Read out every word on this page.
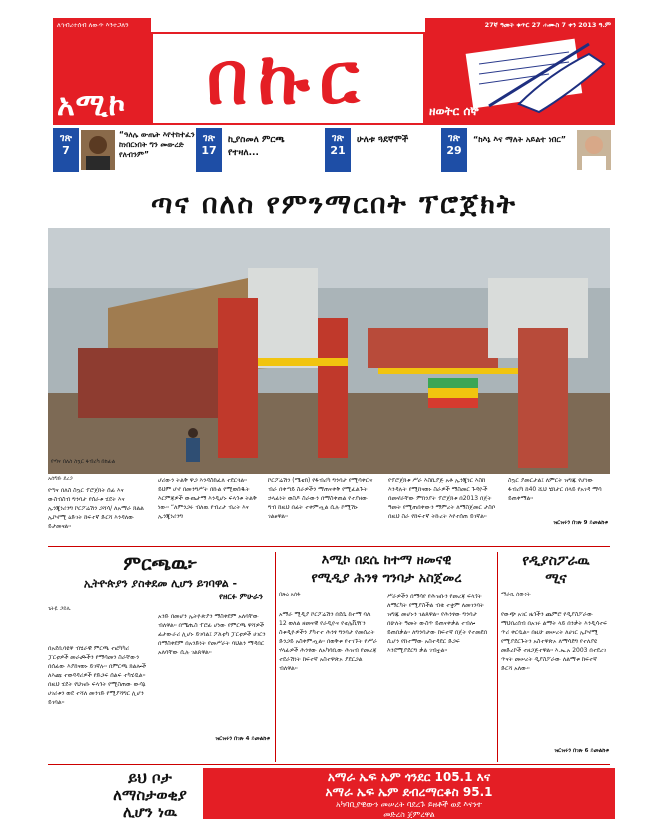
ለኅብረተሰብ ለውጥ እንተጋለን
አሚኮ	በኩር
27ኛ ዓመት ቁጥር 27 ሐሙስ 7 ቀን 2013 ዓ.ም
ዘወትር ሰኞ
ገጽ
7
“ዓለሌ ውጤት እየተከተፈን ከነበርነበት ግን መውረድ የለብንም”
ገጽ
17
ኪያስመለ ምርጫ የተዛለ...
ገጽ
21
ሁለቱ ጓደኛሞች	ገጽ
29
“ከእኔ እና ማለት አይልተ ነበር”
ጣና በለስ የምንማርበት ፕሮጀክት
የጣና በለስ ስኳር ፋብሪካ በከፊል
አሰግድ ደረጋ
የጣና በለስ ስኳር ፕሮጀክት ሰፊ እና ውስብስብ ግንባታ የሰራቱ ሂደት እና ኢንጂነሪንግ ኮርፖሬሽን ጋሻሳ/ ለአማራ ክልል ኢኮኖሚ ዕድገት ከፍተኛ ድርሻ እንዳለው ይታመናል።
ሆሪውን ትልቅ ዋጋ እንዳስከፈለ ተደርጓል። ይህም ሆኖ በመንግሥት በኩል የሚወሰዱት እርምጃዎች ውጤታማ እንዲሆኑ ፍላጎቱ ትልቅ ነው። “ለምንጋሩ ብለዉ የብረታ ብረት እና ኢንጂነሪንግ
ኮርፖሬሽን (ሜቴክ) የፋብሪካ ግንባታ የሚሳቀርና ብራ በቀጣይ ስራዎችን ማጠናቀቅ የሚፈልጉት ኃላፊነት ወስዶ ስራውን በማስቀጠል የተያዘው ግብ ከዚህ በፊት ተቀምጧል ሲሉ ኮሚሽኑ ገልፀዋል።
የፕሮጀክቱ ሥራ እስኪያጅ አቶ ኢንጂነር እስከ እንዳሉት የሚከናወኑ ስራዎች ማስመር ጉዳዮች በመኖራቸው ምክንያት ፕሮጀክቱ በ2013 በጀት ዓመት የሚጠበቀውን ማምረት ለማስጀመር ታስቦ በዚህ ስራ የከፍተኛ ትኩረት እየተሰጠ ይገኛል።
ስኳር ያመርታል፤ ለምርት ዝግጁ የሆነው ፋብሪካ ከ40 ሺህ ሄክታር በላይ የአገዳ ማሳ ይጠቀማል።
ዝርዝሩን በገጽ 9 ይመልከቱ
ምርጫዉ፦
ኢትዮጵያን ያስቀደመ ሊሆን ይገባዋል -
የዘርፉ ምሁራን
ጌትዬ ጋይሊ
በአደቢባዩዋ ብሄራዊ ምርጫ ተፎካካሪ ፓርቲዎች መራጮችን የማሳመን ስራቸውን በሰፊው እያከናወኑ ይገኛሉ። በምርጫ ክልሎች ለእጩ ተወዳዳሪዎች የድጋፍ ሰልፍ ተካሂዷል። በዚህ ሂደት የህዝቡ ፍላጎት የሚስጠው ውሳኔ ሀገሪቱን ወደ ተሻለ መንገድ የሚያሻግር ሊሆን ይገባል።
አንድ በመሆን ኢትዮጵያን ማስቀደም አለባቸው ብለዋል። በሜጢስ ፕሮፊ ሆነው የምርጫ ዋሻዎች ፊታውራሪ ሊሆኑ ይገባል፤ ፖለቲካ ፓርቲዎች ሀገርን በማስቀደም በአንድነት የመሥራት ባህልን ማዳበር አለባቸው ሲሉ ገልጸዋል።
ዝርዝሩን በገጽ 4 ይመልከቱ
እሚኮ በደሴ ከተማ ዘመናዊ
የሚዲያ ሕንፃ ግንባታ አስጀመረ
በጽዕ አሰፋ
አማራ ሚዲያ ኮርፖሬሽን በደሴ ከተማ ባለ 12 ወለል ዘመናዊ የራዲዮና የቴሌቪዥን ስቱዲዮዎችን ያካተተ ሕንፃ ግንባታ የመሰረት ድንጋይ አስቀምጧል። በወቅቱ የተገኙት የሥራ ሃላፊዎች ሕንፃው ለአካባቢው ሕዝብ የመረጃ ተደራሽነት ከፍተኛ አስተዋጽኦ ያደርጋል ብለዋል።
ሥራዎችን በማሳየ የሕዝቡን የመረጃ ፍላጎት ለማርካት የሚያስችል ብቁ ተቋም ለመገንባት ዝግጁ መሆኑን ገልጸዋል። የሕንፃው ግንባታ በሁለት ዓመት ውስጥ ይጠናቀቃል ተብሎ ይጠበቃል። ለግንባታው ከፍተኛ በጀት የተመደበ ሲሆን የከተማው አስተዳደር ድጋፍ እንደሚያደርግ ቃል ገብቷል።
የዲያስፖራዉ
ሚና
ማራኪ ሰውነት
የውጭ አገር ዜጎችን ጨምሮ የዲያስፖራው ማህበረሰብ በአገሩ ልማት ላይ በንቃት እንዲሳተፍ ጥሪ ቀርቧል። በዚሁ መሠረት ለሀገር ኢኮኖሚ የሚያደርጉትን አስተዋጽኦ ለማሳደግ የተለያዩ መድረኮች ተዘጋጅተዋል። እ.ኤ.አ 2003 በተደረገ ጥናት መሠረት ዲያስፖራው ለልማቱ ከፍተኛ ድርሻ አለው።
ዝርዝሩን በገጽ 6 ይመልከቱ
ይህ ቦታ
ለማስታወቂያ
ሊሆን ነዉ
አማራ ኤፍ ኤም ጎንደር 105.1 እና
አማራ ኤፍ ኤም ደብረማርቆስ 95.1
አካባቢያዊውን መሠረት ባደረጉ ይዘቶች ወደ እናንተ
መድረስ ጀምረዋል
